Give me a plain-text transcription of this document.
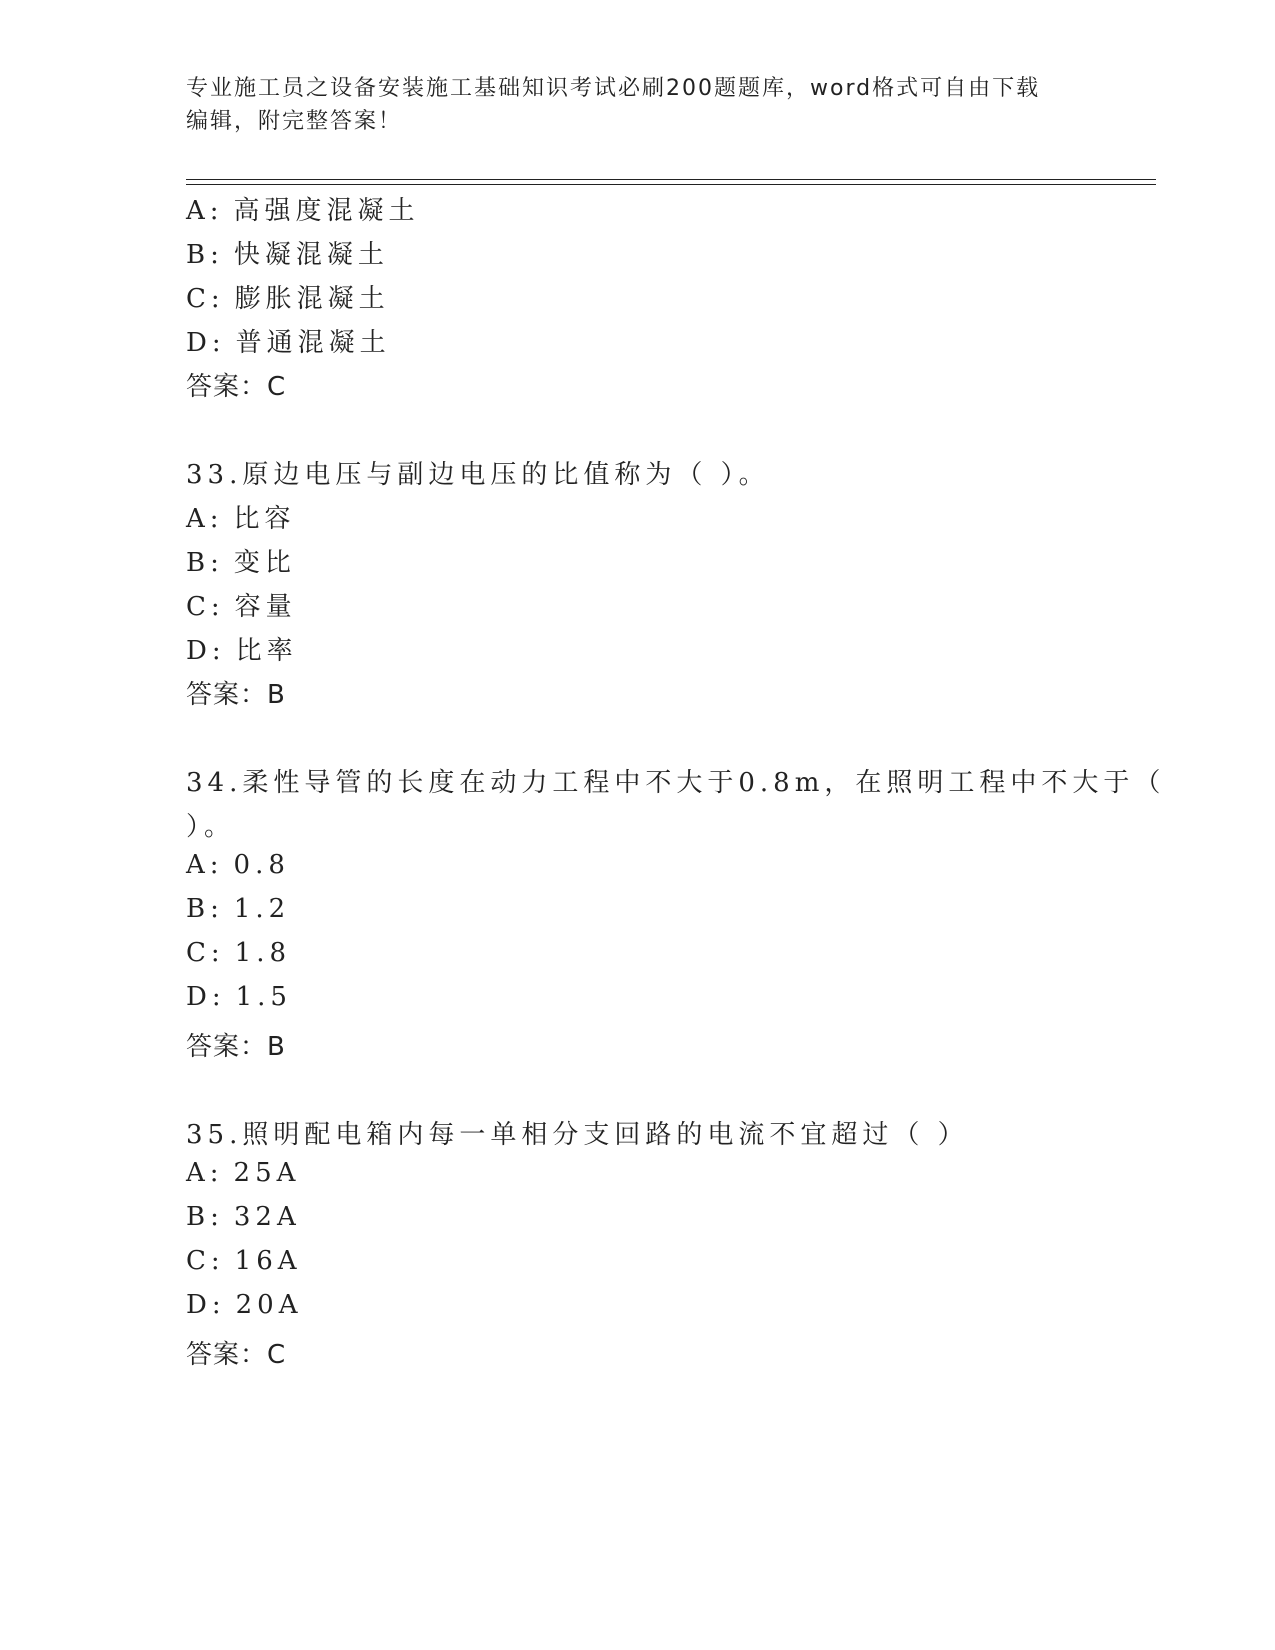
专业施工员之设备安装施工基础知识考试必刷200题题库，word格式可自由下载
编辑，附完整答案！
A: 高强度混凝土
B: 快凝混凝土
C: 膨胀混凝土
D: 普通混凝土
答案：C
33.原边电压与副边电压的比值称为（ ）。
A: 比容
B: 变比
C: 容量
D: 比率
答案：B
34.柔性导管的长度在动力工程中不大于0.8m，在照明工程中不大于（
）。
A: 0.8
B: 1.2
C: 1.8
D: 1.5
答案：B
35.照明配电箱内每一单相分支回路的电流不宜超过（ ）
A: 25A
B: 32A
C: 16A
D: 20A
答案：C
